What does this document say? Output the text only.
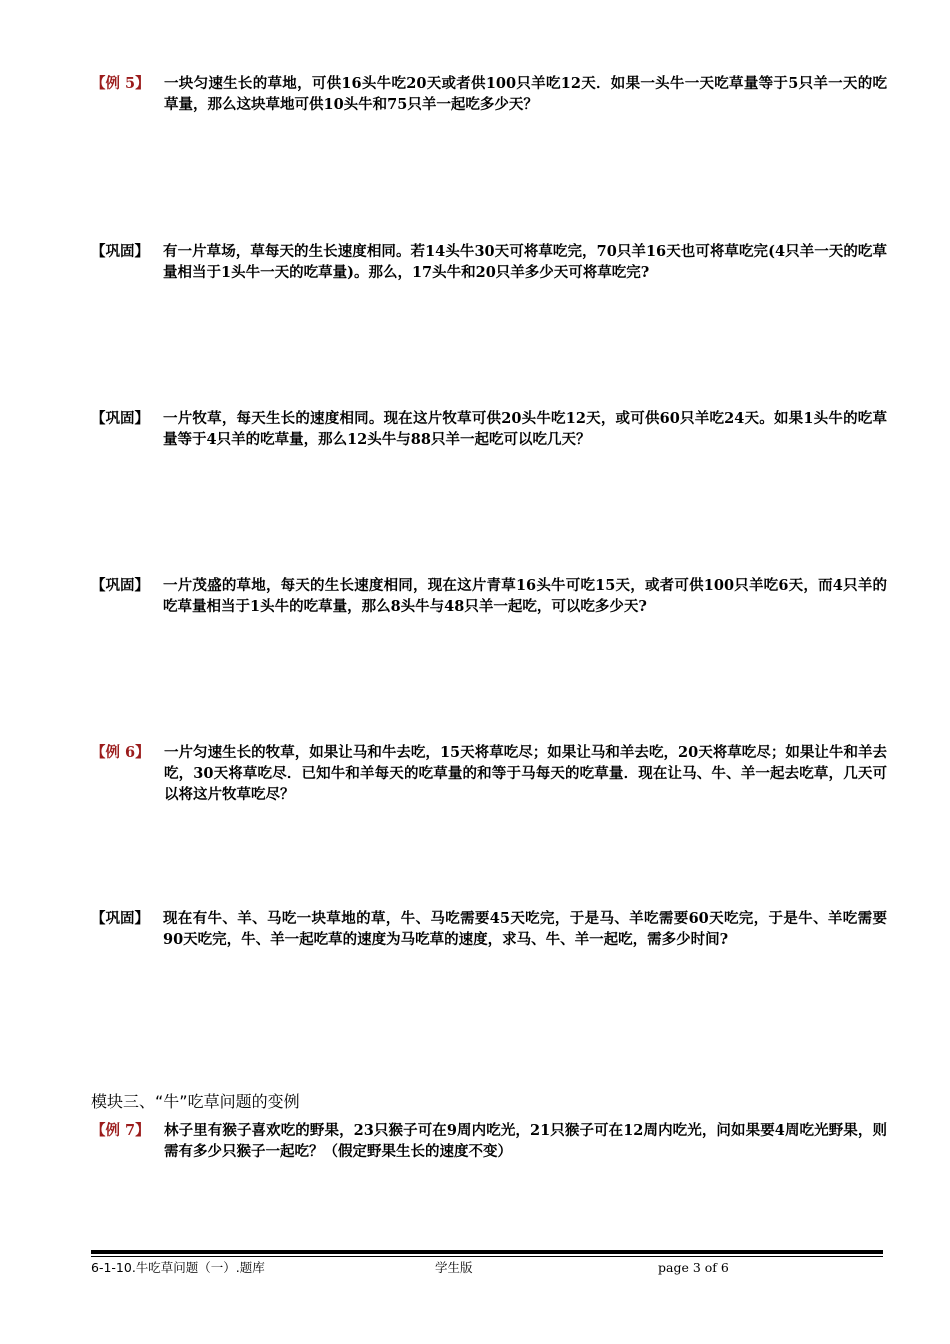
【例 5】 一块匀速生长的草地，可供16头牛吃20天或者供100只羊吃12天．如果一头牛一天吃草量等于5只羊一天的吃草量，那么这块草地可供10头牛和75只羊一起吃多少天？
【巩固】 有一片草场，草每天的生长速度相同。若14头牛30天可将草吃完，70只羊16天也可将草吃完(4只羊一天的吃草量相当于1头牛一天的吃草量)。那么，17头牛和20只羊多少天可将草吃完?
【巩固】 一片牧草，每天生长的速度相同。现在这片牧草可供20头牛吃12天，或可供60只羊吃24天。如果1头牛的吃草量等于4只羊的吃草量，那么12头牛与88只羊一起吃可以吃几天？
【巩固】 一片茂盛的草地，每天的生长速度相同，现在这片青草16头牛可吃15天，或者可供100只羊吃6天，而4只羊的吃草量相当于1头牛的吃草量，那么8头牛与48只羊一起吃，可以吃多少天?
【例 6】 一片匀速生长的牧草，如果让马和牛去吃，15天将草吃尽；如果让马和羊去吃，20天将草吃尽；如果让牛和羊去吃，30天将草吃尽．已知牛和羊每天的吃草量的和等于马每天的吃草量．现在让马、牛、羊一起去吃草，几天可以将这片牧草吃尽？
【巩固】 现在有牛、羊、马吃一块草地的草，牛、马吃需要45天吃完，于是马、羊吃需要60天吃完，于是牛、羊吃需要90天吃完，牛、羊一起吃草的速度为马吃草的速度，求马、牛、羊一起吃，需多少时间?
模块三、“牛”吃草问题的变例
【例 7】 林子里有猴子喜欢吃的野果，23只猴子可在9周内吃光，21只猴子可在12周内吃光，问如果要4周吃光野果，则需有多少只猴子一起吃？（假定野果生长的速度不变）
6-1-10.牛吃草问题（一）.题库	学生版	page 3 of 6
